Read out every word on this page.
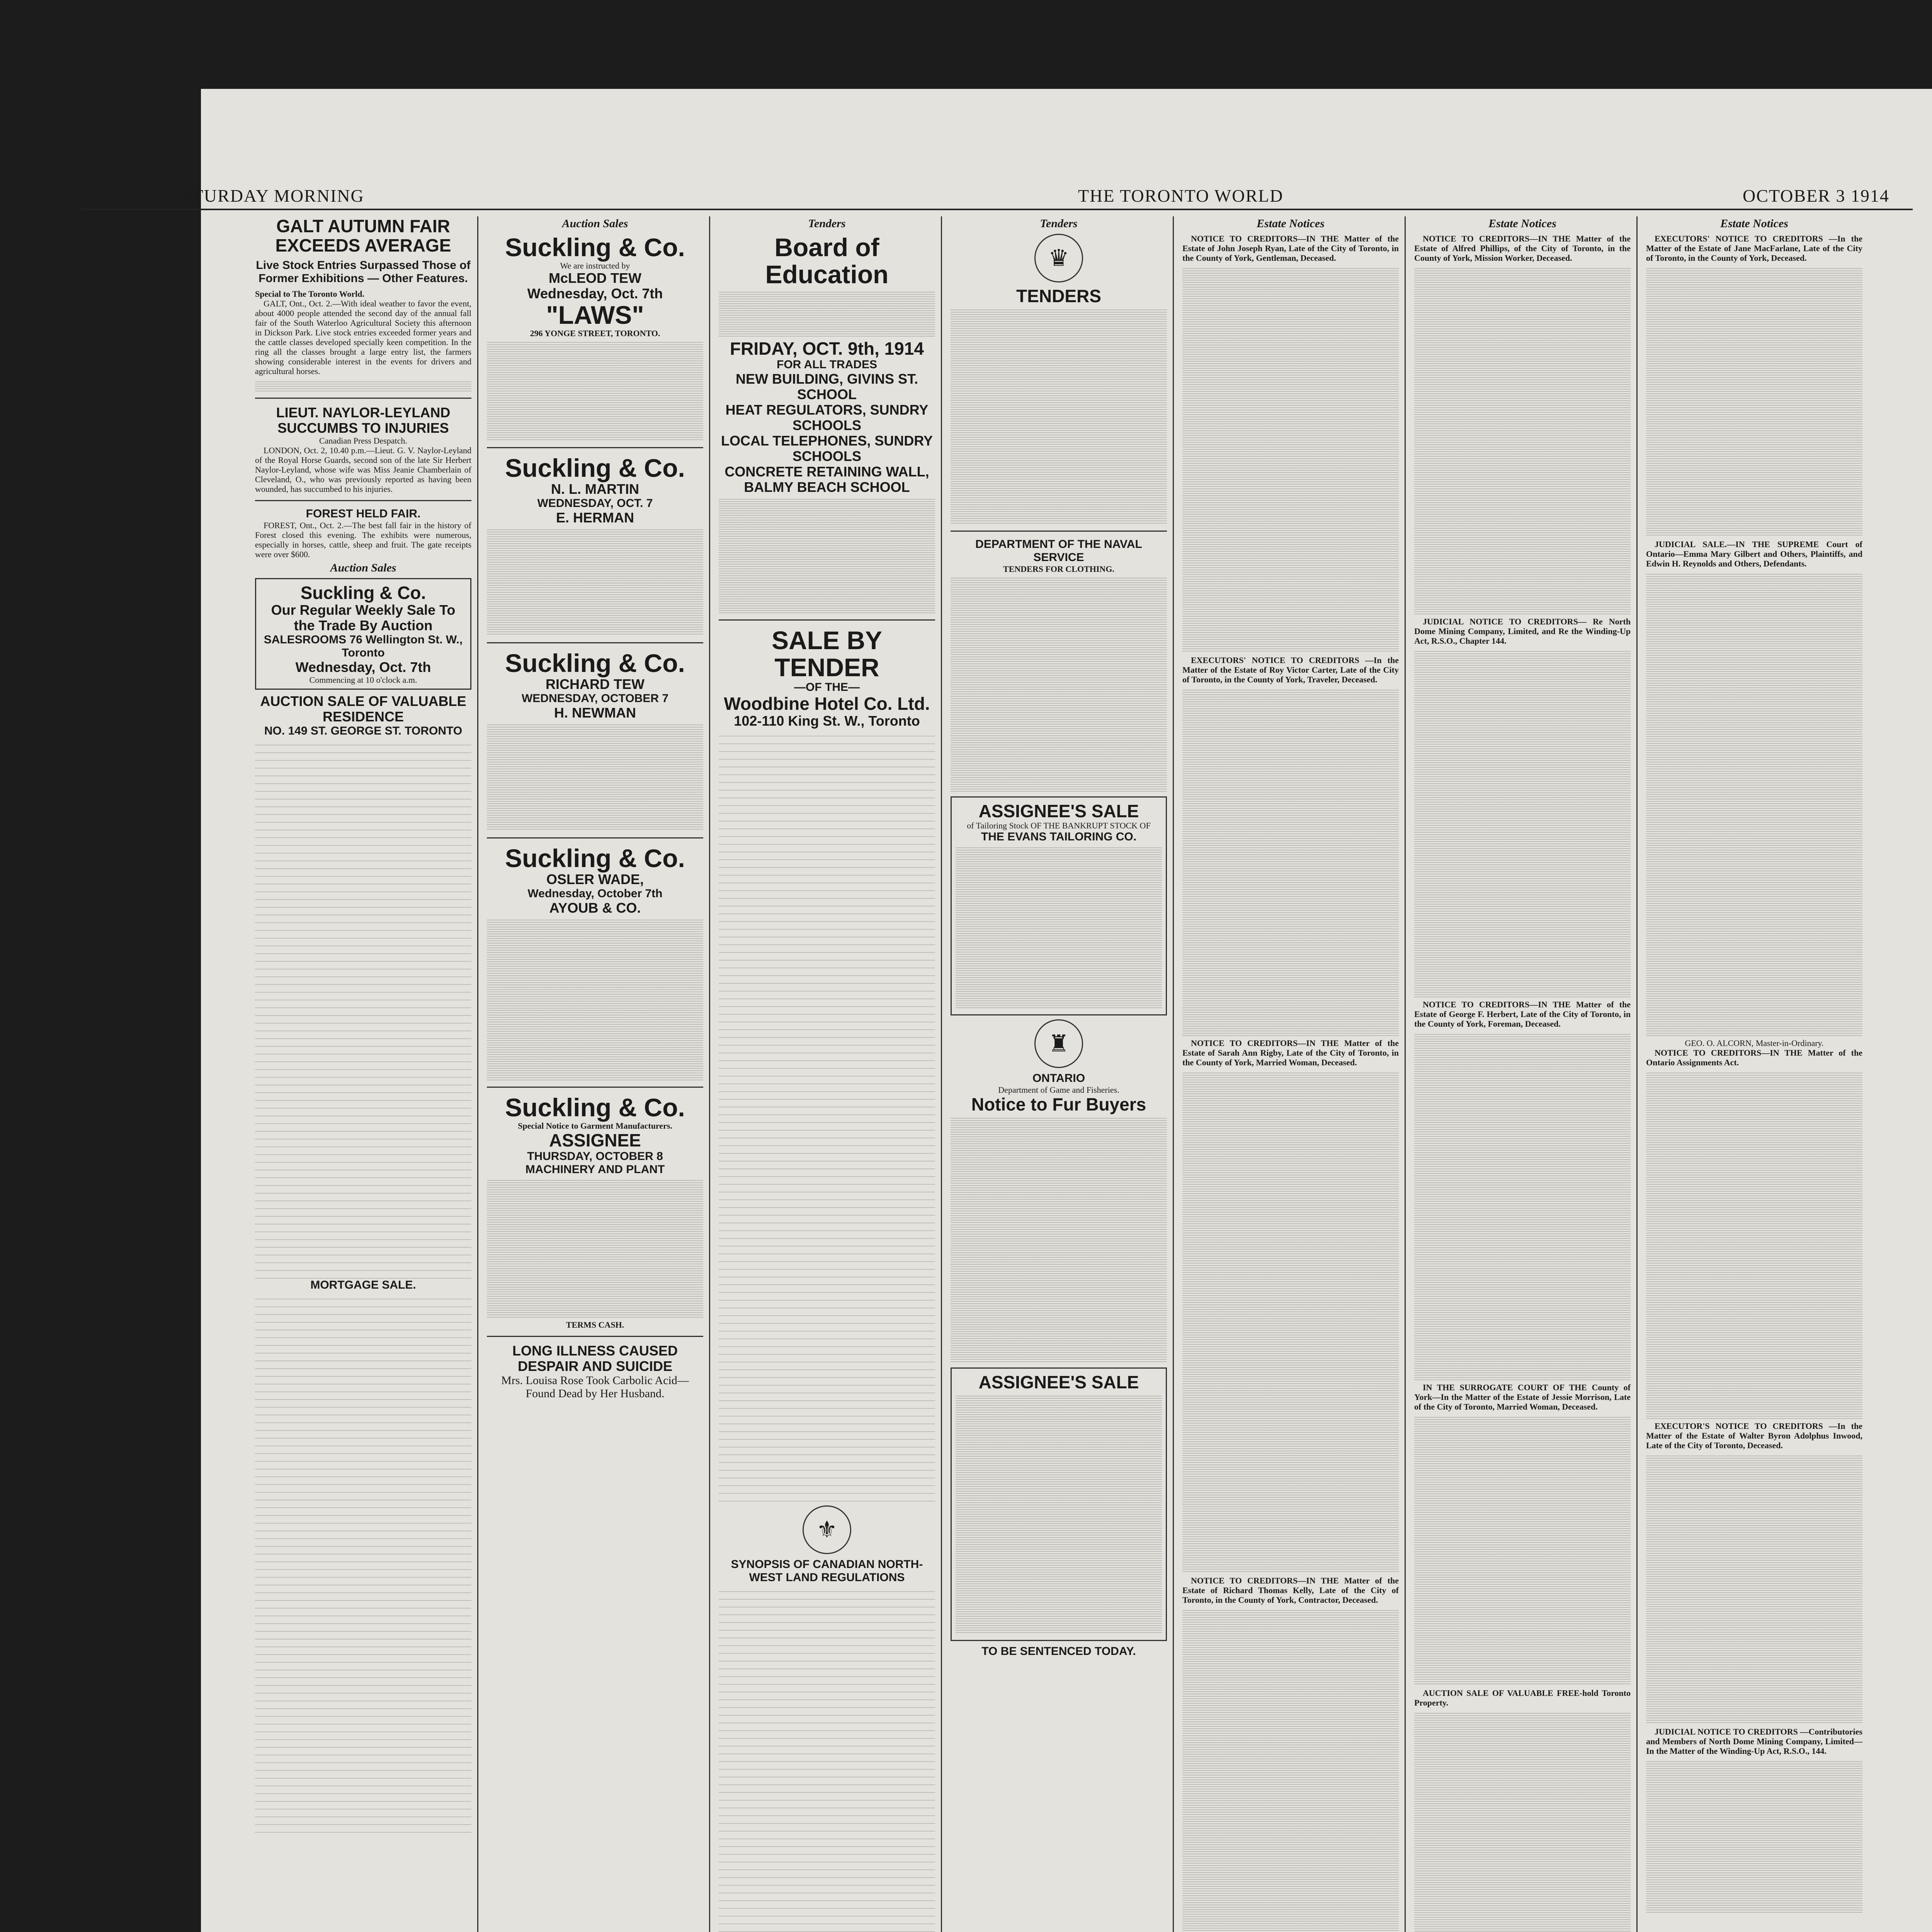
12	SATURDAY MORNING	THE TORONTO WORLD	OCTOBER 3 1914
GALT AUTUMN FAIR EXCEEDS AVERAGE
Live Stock Entries Surpassed Those of Former Exhibitions — Other Features.
Special to The Toronto World.

GALT, Ont., Oct. 2.—With ideal weather to favor the event, about 4000 people attended the second day of the annual fall fair of the South Waterloo Agricultural Society this afternoon in Dickson Park. Live stock entries exceeded former years and the cattle classes developed specially keen competition. In the ring all the classes brought a large entry list, the farmers showing considerable interest in the events for drivers and agricultural horses.

LIEUT. NAYLOR-LEYLAND SUCCUMBS TO INJURIES
Canadian Press Despatch.

LONDON, Oct. 2, 10.40 p.m.—Lieut. G. V. Naylor-Leyland of the Royal Horse Guards, second son of the late Sir Herbert Naylor-Leyland, whose wife was Miss Jeanie Chamberlain of Cleveland, O., who was previously reported as having been wounded, has succumbed to his injuries.

FOREST HELD FAIR.

FOREST, Ont., Oct. 2.—The best fall fair in the history of Forest closed this evening. The exhibits were numerous, especially in horses, cattle, sheep and fruit. The gate receipts were over $600.

Auction Sales
Suckling & Co.
Our Regular Weekly Sale To the Trade By Auction
SALESROOMS 76 Wellington St. W., Toronto
Wednesday, Oct. 7th
Commencing at 10 o'clock a.m.
AUCTION SALE OF VALUABLE RESIDENCE
NO. 149 ST. GEORGE ST. TORONTO
MORTGAGE SALE.
Auction Sales
Suckling & Co.
We are instructed by
McLEOD TEW
Wednesday, Oct. 7th
"LAWS"
296 YONGE STREET, TORONTO.
Suckling & Co.
N. L. MARTIN
WEDNESDAY, OCT. 7
E. HERMAN
Suckling & Co.
RICHARD TEW
WEDNESDAY, OCTOBER 7
H. NEWMAN
Suckling & Co.
OSLER WADE,
Wednesday, October 7th
AYOUB & CO.
Suckling & Co.
Special Notice to Garment Manufacturers.
ASSIGNEE
THURSDAY, OCTOBER 8
MACHINERY AND PLANT
TERMS CASH.
LONG ILLNESS CAUSED DESPAIR AND SUICIDE
Mrs. Louisa Rose Took Carbolic Acid—Found Dead by Her Husband.
Tenders
Board of Education
FRIDAY, OCT. 9th, 1914
FOR ALL TRADES
NEW BUILDING, GIVINS ST. SCHOOL
HEAT REGULATORS, SUNDRY SCHOOLS
LOCAL TELEPHONES, SUNDRY SCHOOLS
CONCRETE RETAINING WALL, BALMY BEACH SCHOOL
SALE BY TENDER
—OF THE—
Woodbine Hotel Co. Ltd.
102-110 King St. W., Toronto
⚜
SYNOPSIS OF CANADIAN NORTH-WEST LAND REGULATIONS
Tenders
♛
TENDERS
DEPARTMENT OF THE NAVAL SERVICE
TENDERS FOR CLOTHING.
ASSIGNEE'S SALE
of Tailoring Stock OF THE BANKRUPT STOCK OF
THE EVANS TAILORING CO.
♜
ONTARIO
Department of Game and Fisheries.
Notice to Fur Buyers
ASSIGNEE'S SALE
TO BE SENTENCED TODAY.
Estate Notices

NOTICE TO CREDITORS—IN THE Matter of the Estate of John Joseph Ryan, Late of the City of Toronto, in the County of York, Gentleman, Deceased.

EXECUTORS' NOTICE TO CREDITORS —In the Matter of the Estate of Roy Victor Carter, Late of the City of Toronto, in the County of York, Traveler, Deceased.

NOTICE TO CREDITORS—IN THE Matter of the Estate of Sarah Ann Rigby, Late of the City of Toronto, in the County of York, Married Woman, Deceased.

NOTICE TO CREDITORS—IN THE Matter of the Estate of Richard Thomas Kelly, Late of the City of Toronto, in the County of York, Contractor, Deceased.

Estate Notices

NOTICE TO CREDITORS—IN THE Matter of the Estate of Alfred Phillips, of the City of Toronto, in the County of York, Mission Worker, Deceased.

JUDICIAL NOTICE TO CREDITORS— Re North Dome Mining Company, Limited, and Re the Winding-Up Act, R.S.O., Chapter 144.

NOTICE TO CREDITORS—IN THE Matter of the Estate of George F. Herbert, Late of the City of Toronto, in the County of York, Foreman, Deceased.

IN THE SURROGATE COURT OF THE County of York—In the Matter of the Estate of Jessie Morrison, Late of the City of Toronto, Married Woman, Deceased.

AUCTION SALE OF VALUABLE FREE-hold Toronto Property.

Estate Notices

EXECUTORS' NOTICE TO CREDITORS —In the Matter of the Estate of Jane MacFarlane, Late of the City of Toronto, in the County of York, Deceased.

JUDICIAL SALE.—IN THE SUPREME Court of Ontario—Emma Mary Gilbert and Others, Plaintiffs, and Edwin H. Reynolds and Others, Defendants.

GEO. O. ALCORN, Master-in-Ordinary.

NOTICE TO CREDITORS—IN THE Matter of the Ontario Assignments Act.

EXECUTOR'S NOTICE TO CREDITORS —In the Matter of the Estate of Walter Byron Adolphus Inwood, Late of the City of Toronto, Deceased.

JUDICIAL NOTICE TO CREDITORS —Contributories and Members of North Dome Mining Company, Limited—In the Matter of the Winding-Up Act, R.S.O., 144.
